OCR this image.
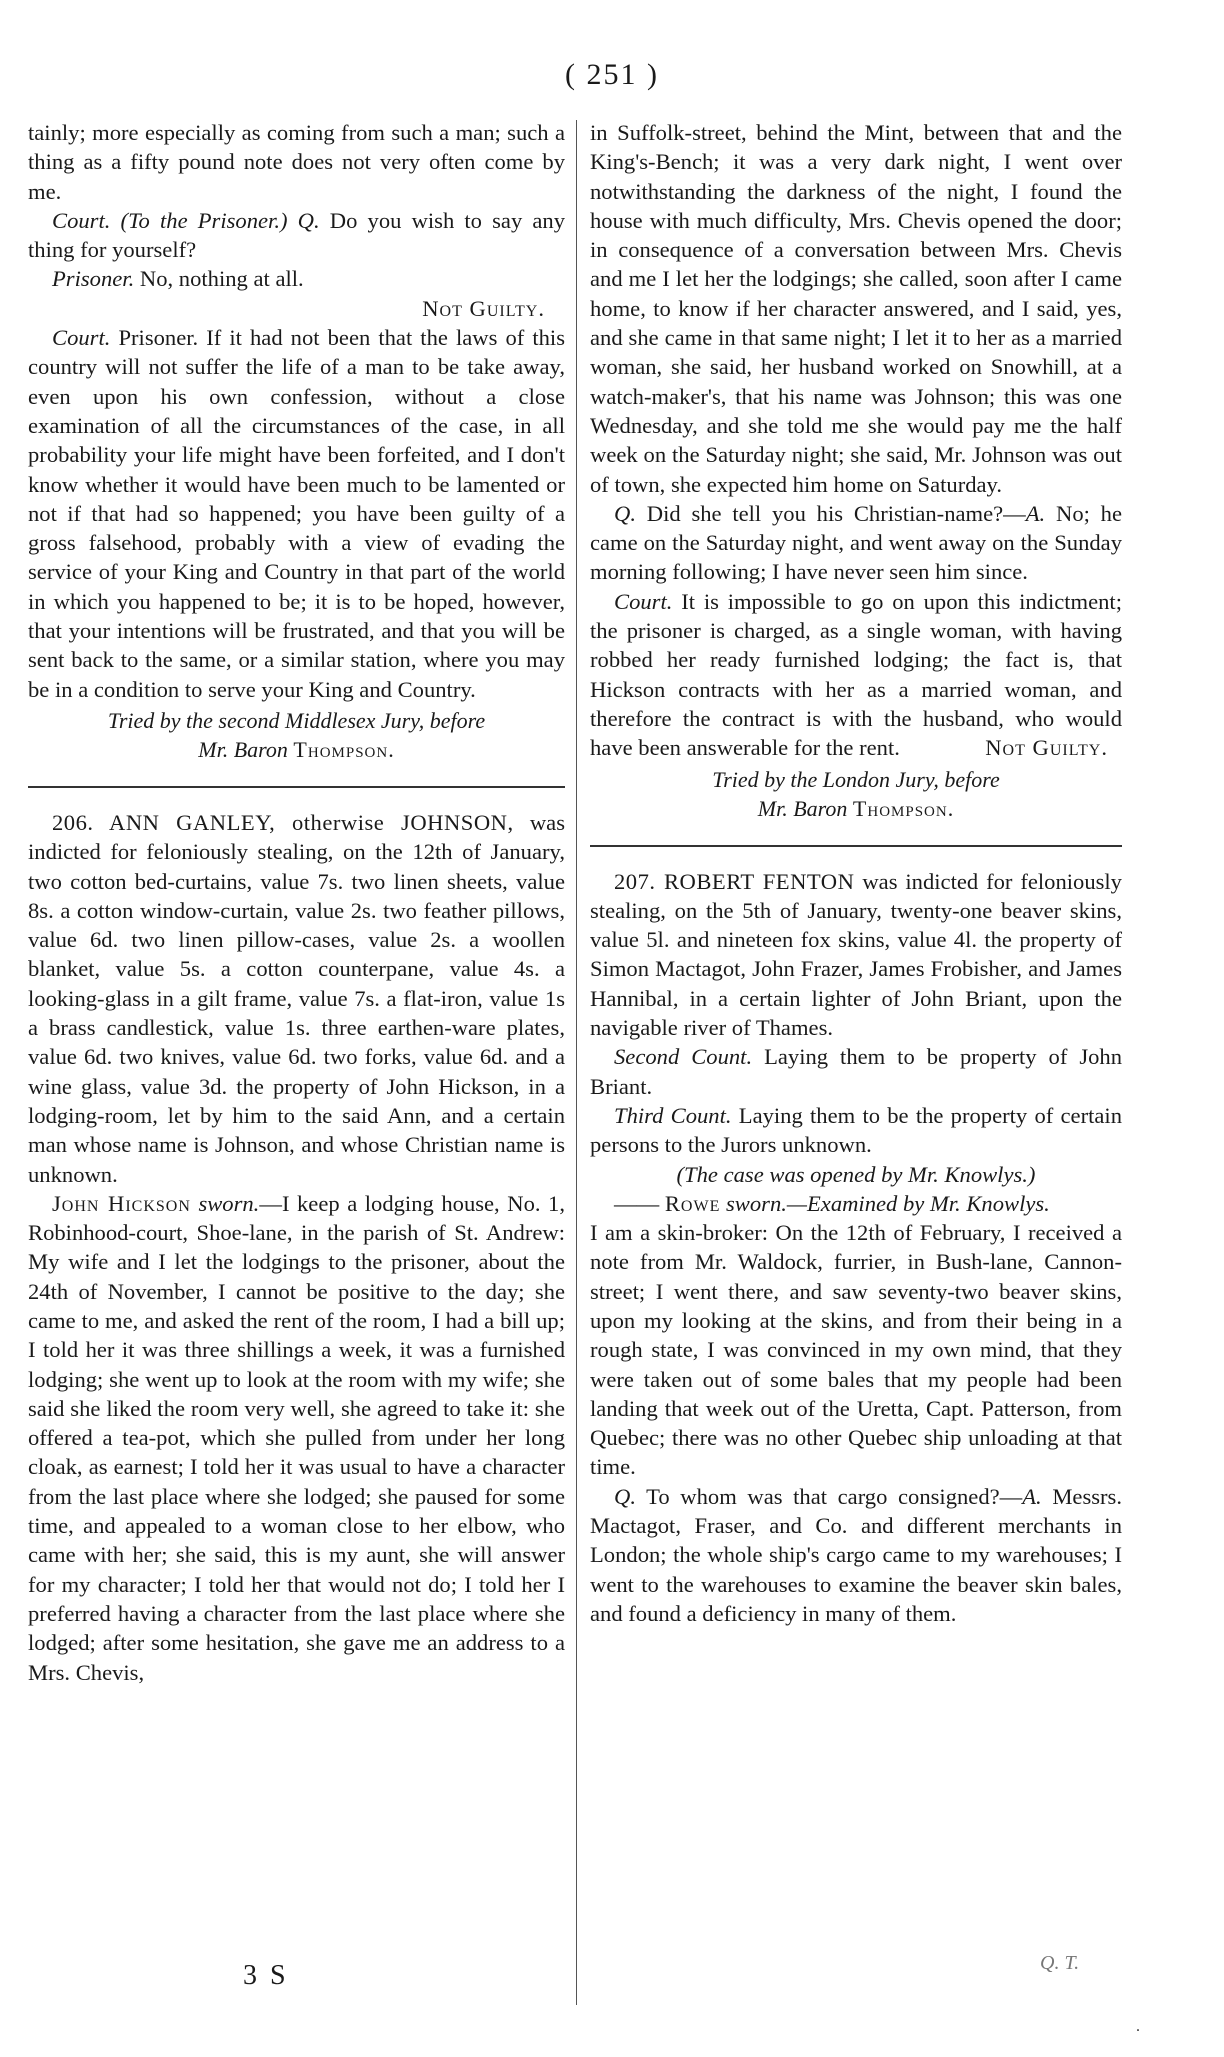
( 251 )

tainly; more especially as coming from such a man; such a thing as a fifty pound note does not very often come by me.

Court. (To the Prisoner.) Q. Do you wish to say any thing for yourself?

Prisoner. No, nothing at all.

Not Guilty.

Court. Prisoner. If it had not been that the laws of this country will not suffer the life of a man to be take away, even upon his own confession, without a close examination of all the circumstances of the case, in all probability your life might have been forfeited, and I don't know whether it would have been much to be lamented or not if that had so happened; you have been guilty of a gross falsehood, probably with a view of evading the service of your King and Country in that part of the world in which you happened to be; it is to be hoped, however, that your intentions will be frustrated, and that you will be sent back to the same, or a similar station, where you may be in a condition to serve your King and Country.

Tried by the second Middlesex Jury, before
Mr. Baron Thompson.

206. ANN GANLEY, otherwise JOHNSON, was indicted for feloniously stealing, on the 12th of January, two cotton bed-curtains, value 7s. two linen sheets, value 8s. a cotton window-curtain, value 2s. two feather pillows, value 6d. two linen pillow-cases, value 2s. a woollen blanket, value 5s. a cotton counterpane, value 4s. a looking-glass in a gilt frame, value 7s. a flat-iron, value 1s a brass candlestick, value 1s. three earthen-ware plates, value 6d. two knives, value 6d. two forks, value 6d. and a wine glass, value 3d. the property of John Hickson, in a lodging-room, let by him to the said Ann, and a certain man whose name is Johnson, and whose Christian name is unknown.

John Hickson sworn.—I keep a lodging house, No. 1, Robinhood-court, Shoe-lane, in the parish of St. Andrew: My wife and I let the lodgings to the prisoner, about the 24th of November, I cannot be positive to the day; she came to me, and asked the rent of the room, I had a bill up; I told her it was three shillings a week, it was a furnished lodging; she went up to look at the room with my wife; she said she liked the room very well, she agreed to take it: she offered a tea-pot, which she pulled from under her long cloak, as earnest; I told her it was usual to have a character from the last place where she lodged; she paused for some time, and appealed to a woman close to her elbow, who came with her; she said, this is my aunt, she will answer for my character; I told her that would not do; I told her I preferred having a character from the last place where she lodged; after some hesitation, she gave me an address to a Mrs. Chevis,

in Suffolk-street, behind the Mint, between that and the King's-Bench; it was a very dark night, I went over notwithstanding the darkness of the night, I found the house with much difficulty, Mrs. Chevis opened the door; in consequence of a conversation between Mrs. Chevis and me I let her the lodgings; she called, soon after I came home, to know if her character answered, and I said, yes, and she came in that same night; I let it to her as a married woman, she said, her husband worked on Snowhill, at a watch-maker's, that his name was Johnson; this was one Wednesday, and she told me she would pay me the half week on the Saturday night; she said, Mr. Johnson was out of town, she expected him home on Saturday.

Q. Did she tell you his Christian-name?—A. No; he came on the Saturday night, and went away on the Sunday morning following; I have never seen him since.

Court. It is impossible to go on upon this indictment; the prisoner is charged, as a single woman, with having robbed her ready furnished lodging; the fact is, that Hickson contracts with her as a married woman, and therefore the contract is with the husband, who would have been answerable for the rent.	Not Guilty.

Tried by the London Jury, before
Mr. Baron Thompson.

207. ROBERT FENTON was indicted for feloniously stealing, on the 5th of January, twenty-one beaver skins, value 5l. and nineteen fox skins, value 4l. the property of Simon Mactagot, John Frazer, James Frobisher, and James Hannibal, in a certain lighter of John Briant, upon the navigable river of Thames.

Second Count. Laying them to be property of John Briant.

Third Count. Laying them to be the property of certain persons to the Jurors unknown.

(The case was opened by Mr. Knowlys.)

—— Rowe sworn.—Examined by Mr. Knowlys.

I am a skin-broker: On the 12th of February, I received a note from Mr. Waldock, furrier, in Bush-lane, Cannon-street; I went there, and saw seventy-two beaver skins, upon my looking at the skins, and from their being in a rough state, I was convinced in my own mind, that they were taken out of some bales that my people had been landing that week out of the Uretta, Capt. Patterson, from Quebec; there was no other Quebec ship unloading at that time.

Q. To whom was that cargo consigned?—A. Messrs. Mactagot, Fraser, and Co. and different merchants in London; the whole ship's cargo came to my warehouses; I went to the warehouses to examine the beaver skin bales, and found a deficiency in many of them.

3 S	Q. T.
.
